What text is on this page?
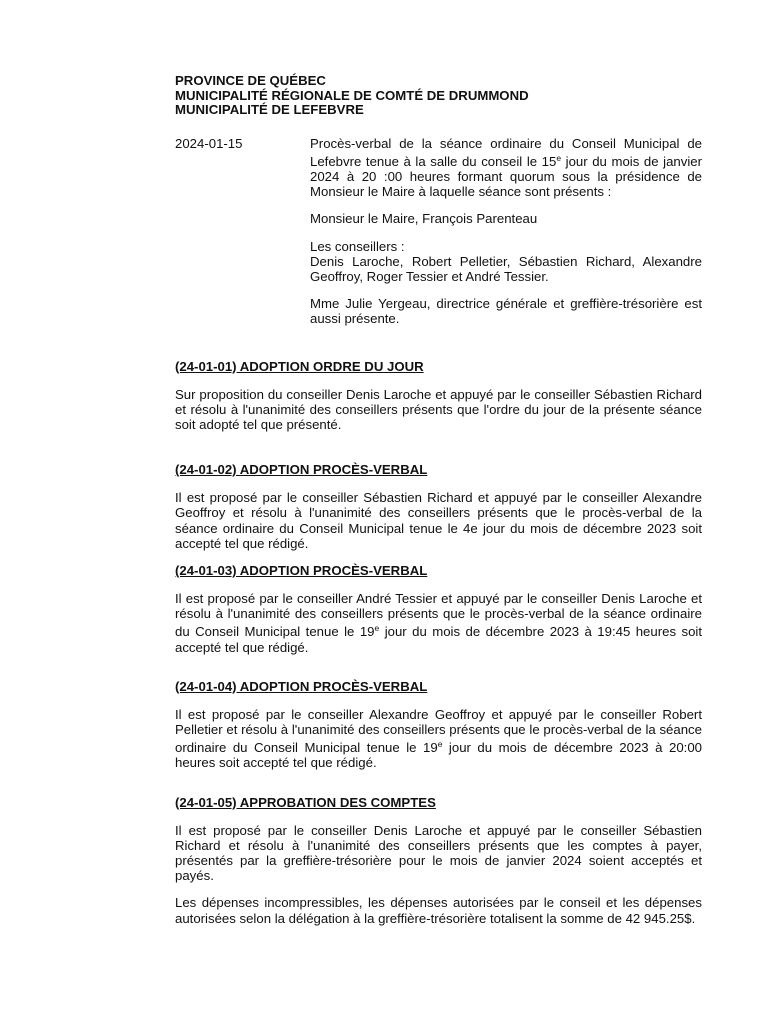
PROVINCE DE QUÉBEC
MUNICIPALITÉ RÉGIONALE DE COMTÉ DE DRUMMOND
MUNICIPALITÉ DE LEFEBVRE
2024-01-15	Procès-verbal de la séance ordinaire du Conseil Municipal de Lefebvre tenue à la salle du conseil le 15e jour du mois de janvier 2024 à 20 :00 heures formant quorum sous la présidence de Monsieur le Maire à laquelle séance sont présents :

Monsieur le Maire, François Parenteau

Les conseillers :
Denis Laroche, Robert Pelletier, Sébastien Richard, Alexandre Geoffroy, Roger Tessier et André Tessier.

Mme Julie Yergeau, directrice générale et greffière-trésorière est aussi présente.

(24-01-01) ADOPTION ORDRE DU JOUR

Sur proposition du conseiller Denis Laroche et appuyé par le conseiller Sébastien Richard et résolu à l'unanimité des conseillers présents que l'ordre du jour de la présente séance soit adopté tel que présenté.

(24-01-02) ADOPTION PROCÈS-VERBAL

Il est proposé par le conseiller Sébastien Richard et appuyé par le conseiller Alexandre Geoffroy et résolu à l'unanimité des conseillers présents que le procès-verbal de la séance ordinaire du Conseil Municipal tenue le 4e jour du mois de décembre 2023 soit accepté tel que rédigé.

(24-01-03) ADOPTION PROCÈS-VERBAL

Il est proposé par le conseiller André Tessier et appuyé par le conseiller Denis Laroche et résolu à l'unanimité des conseillers présents que le procès-verbal de la séance ordinaire du Conseil Municipal tenue le 19e jour du mois de décembre 2023 à 19:45 heures soit accepté tel que rédigé.

(24-01-04) ADOPTION PROCÈS-VERBAL

Il est proposé par le conseiller Alexandre Geoffroy et appuyé par le conseiller Robert Pelletier et résolu à l'unanimité des conseillers présents que le procès-verbal de la séance ordinaire du Conseil Municipal tenue le 19e jour du mois de décembre 2023 à 20:00 heures soit accepté tel que rédigé.

(24-01-05) APPROBATION DES COMPTES

Il est proposé par le conseiller Denis Laroche et appuyé par le conseiller Sébastien Richard et résolu à l'unanimité des conseillers présents que les comptes à payer, présentés par la greffière-trésorière pour le mois de janvier 2024 soient acceptés et payés.

Les dépenses incompressibles, les dépenses autorisées par le conseil et les dépenses autorisées selon la délégation à la greffière-trésorière totalisent la somme de 42 945.25$.
